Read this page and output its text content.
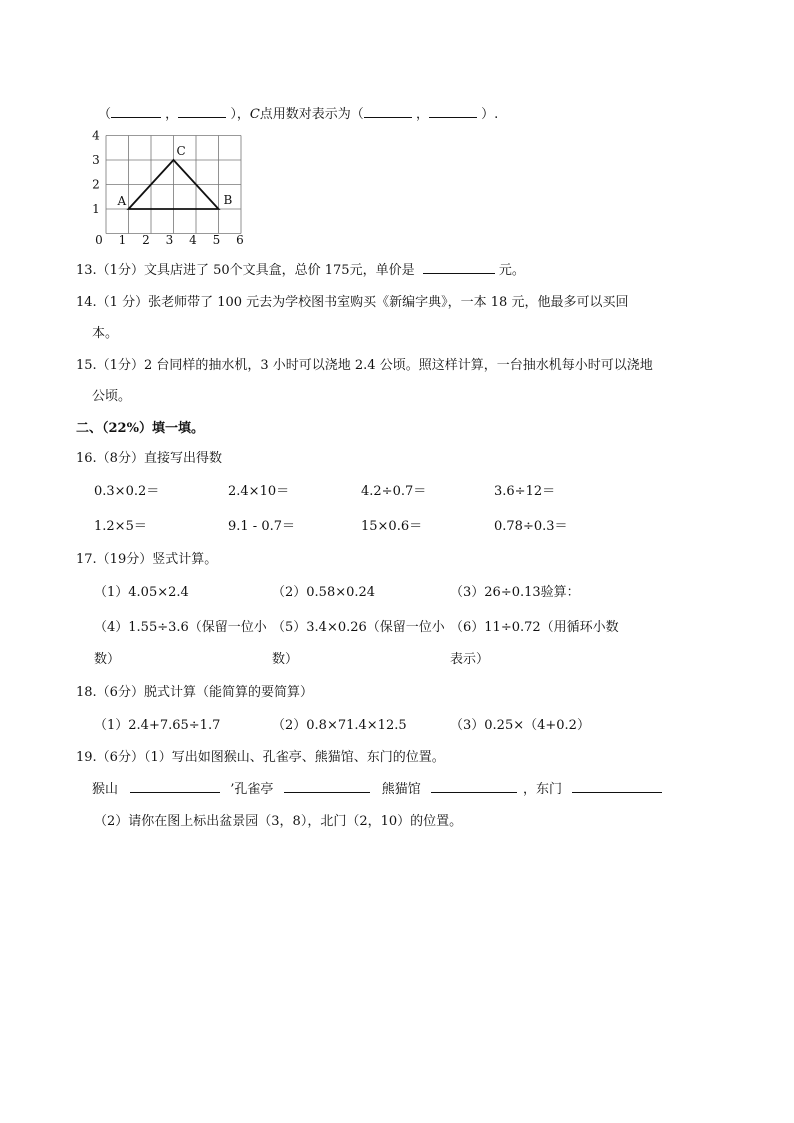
（	，	），C点用数对表示为（	，	）.
1
2
3
4
0 1 2 3 4 5 6
A	B
C
13.（1分）文具店进了 50个文具盒，总价 175元，单价是	元。
14.（1 分）张老师带了 100 元去为学校图书室购买《新编字典》，一本 18 元，他最多可以买回
本。
15.（1分）2 台同样的抽水机，3 小时可以浇地 2.4 公顷。照这样计算，一台抽水机每小时可以浇地
公顷。
二、（22%）填一填。
16.（8分）直接写出得数
0.3×0.2＝	2.4×10＝	4.2÷0.7＝	3.6÷12＝
1.2×5＝	9.1 - 0.7＝	15×0.6＝	0.78÷0.3＝
17.（19分）竖式计算。
（1）4.05×2.4	（2）0.58×0.24	（3）26÷0.13验算：
（4）1.55÷3.6（保留一位小 （5）3.4×0.26（保留一位小 （6）11÷0.72（用循环小数
数）	数）	表示）
18.（6分）脱式计算（能简算的要简算）
（1）2.4+7.65÷1.7	（2）0.8×71.4×12.5	（3）0.25×（4+0.2）
19.（6分）（1）写出如图猴山、孔雀亭、熊猫馆、东门的位置。
猴山	’孔雀亭	熊猫馆	，东门
（2）请你在图上标出盆景园（3，8），北门（2，10）的位置。
